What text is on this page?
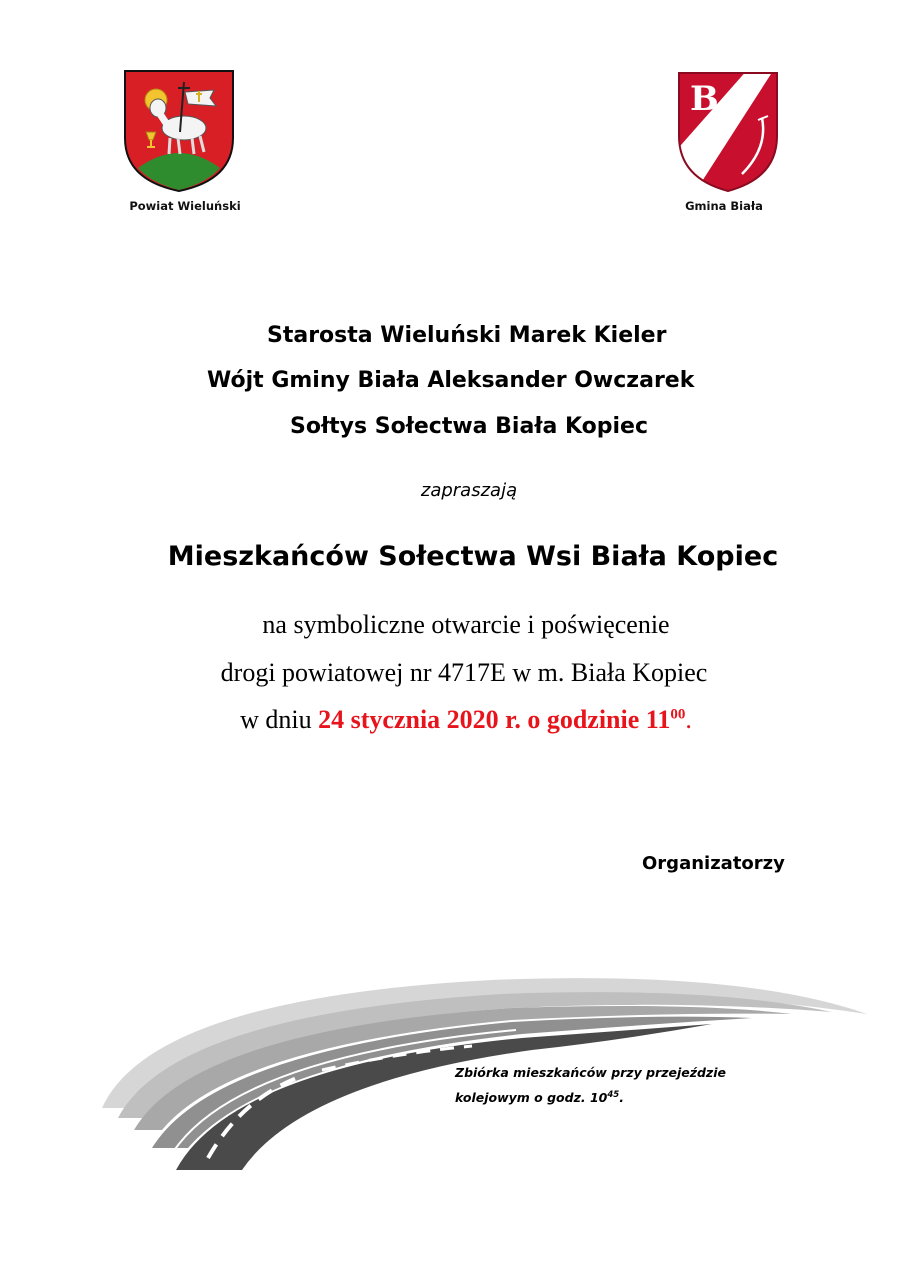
Powiat Wieluński
B
Gmina Biała
Starosta Wieluński Marek Kieler
Wójt Gminy Biała Aleksander Owczarek
Sołtys Sołectwa Biała Kopiec
zapraszają
Mieszkańców Sołectwa Wsi Biała Kopiec
na symboliczne otwarcie i poświęcenie
drogi powiatowej nr 4717E w m. Biała Kopiec
w dniu 24 stycznia 2020 r. o godzinie $11^{00}$.
Organizatorzy
Zbiórka mieszkańców przy przejeździe
kolejowym o godz. $10^{45}$.
